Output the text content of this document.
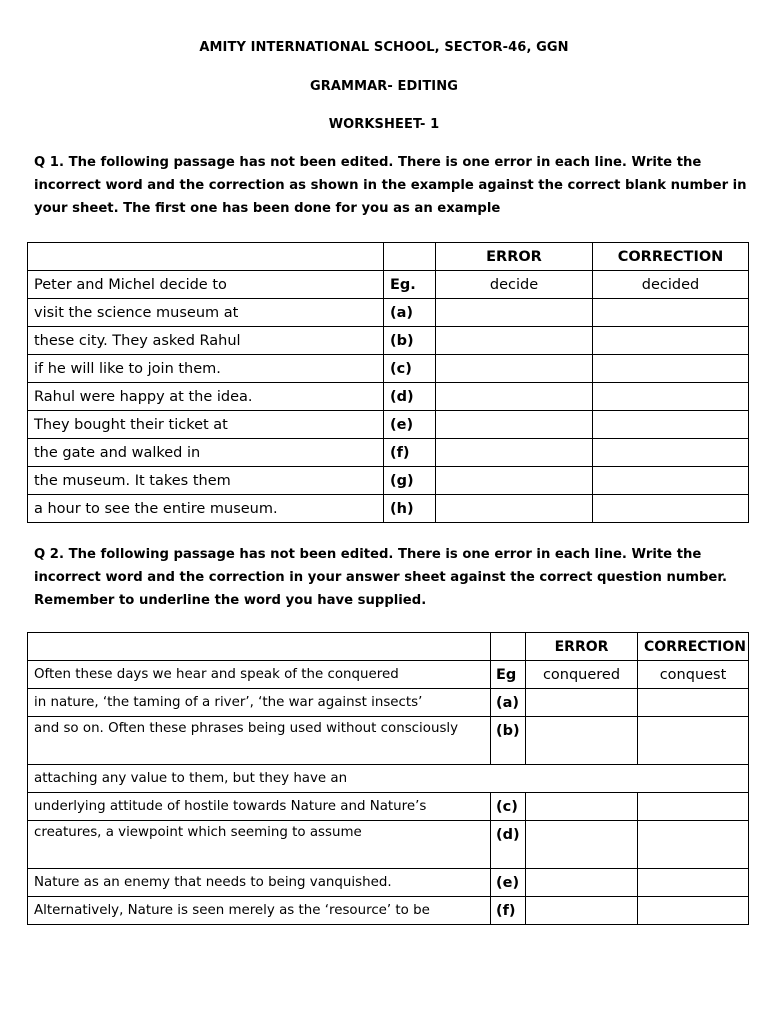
AMITY INTERNATIONAL SCHOOL, SECTOR-46, GGN
GRAMMAR- EDITING
WORKSHEET- 1
Q 1. The following passage has not been edited. There is one error in each line. Write the
incorrect word and the correction as shown in the example against the correct blank number in
your sheet. The first one has been done for you as an example
		ERROR	CORRECTION
Peter and Michel decide to	Eg.	decide	decided
visit the science museum at	(a)		
these city. They asked Rahul	(b)		
if he will like to join them.	(c)		
Rahul were happy at the idea.	(d)		
They bought their ticket at	(e)		
the gate and walked in	(f)		
the museum. It takes them	(g)		
a hour to see the entire museum.	(h)		
Q 2. The following passage has not been edited. There is one error in each line. Write the
incorrect word and the correction in your answer sheet against the correct question number.
Remember to underline the word you have supplied.
		ERROR	CORRECTION
Often these days we hear and speak of the conquered	Eg	conquered	conquest
in nature, ‘the taming of a river’, ‘the war against insects’	(a)		
and so on. Often these phrases being used without consciously	(b)		
attaching any value to them, but they have an			
underlying attitude of hostile towards Nature and Nature’s	(c)		
creatures, a viewpoint which seeming to assume	(d)		
Nature as an enemy that needs to being vanquished.	(e)		
Alternatively, Nature is seen merely as the ‘resource’ to be	(f)		
